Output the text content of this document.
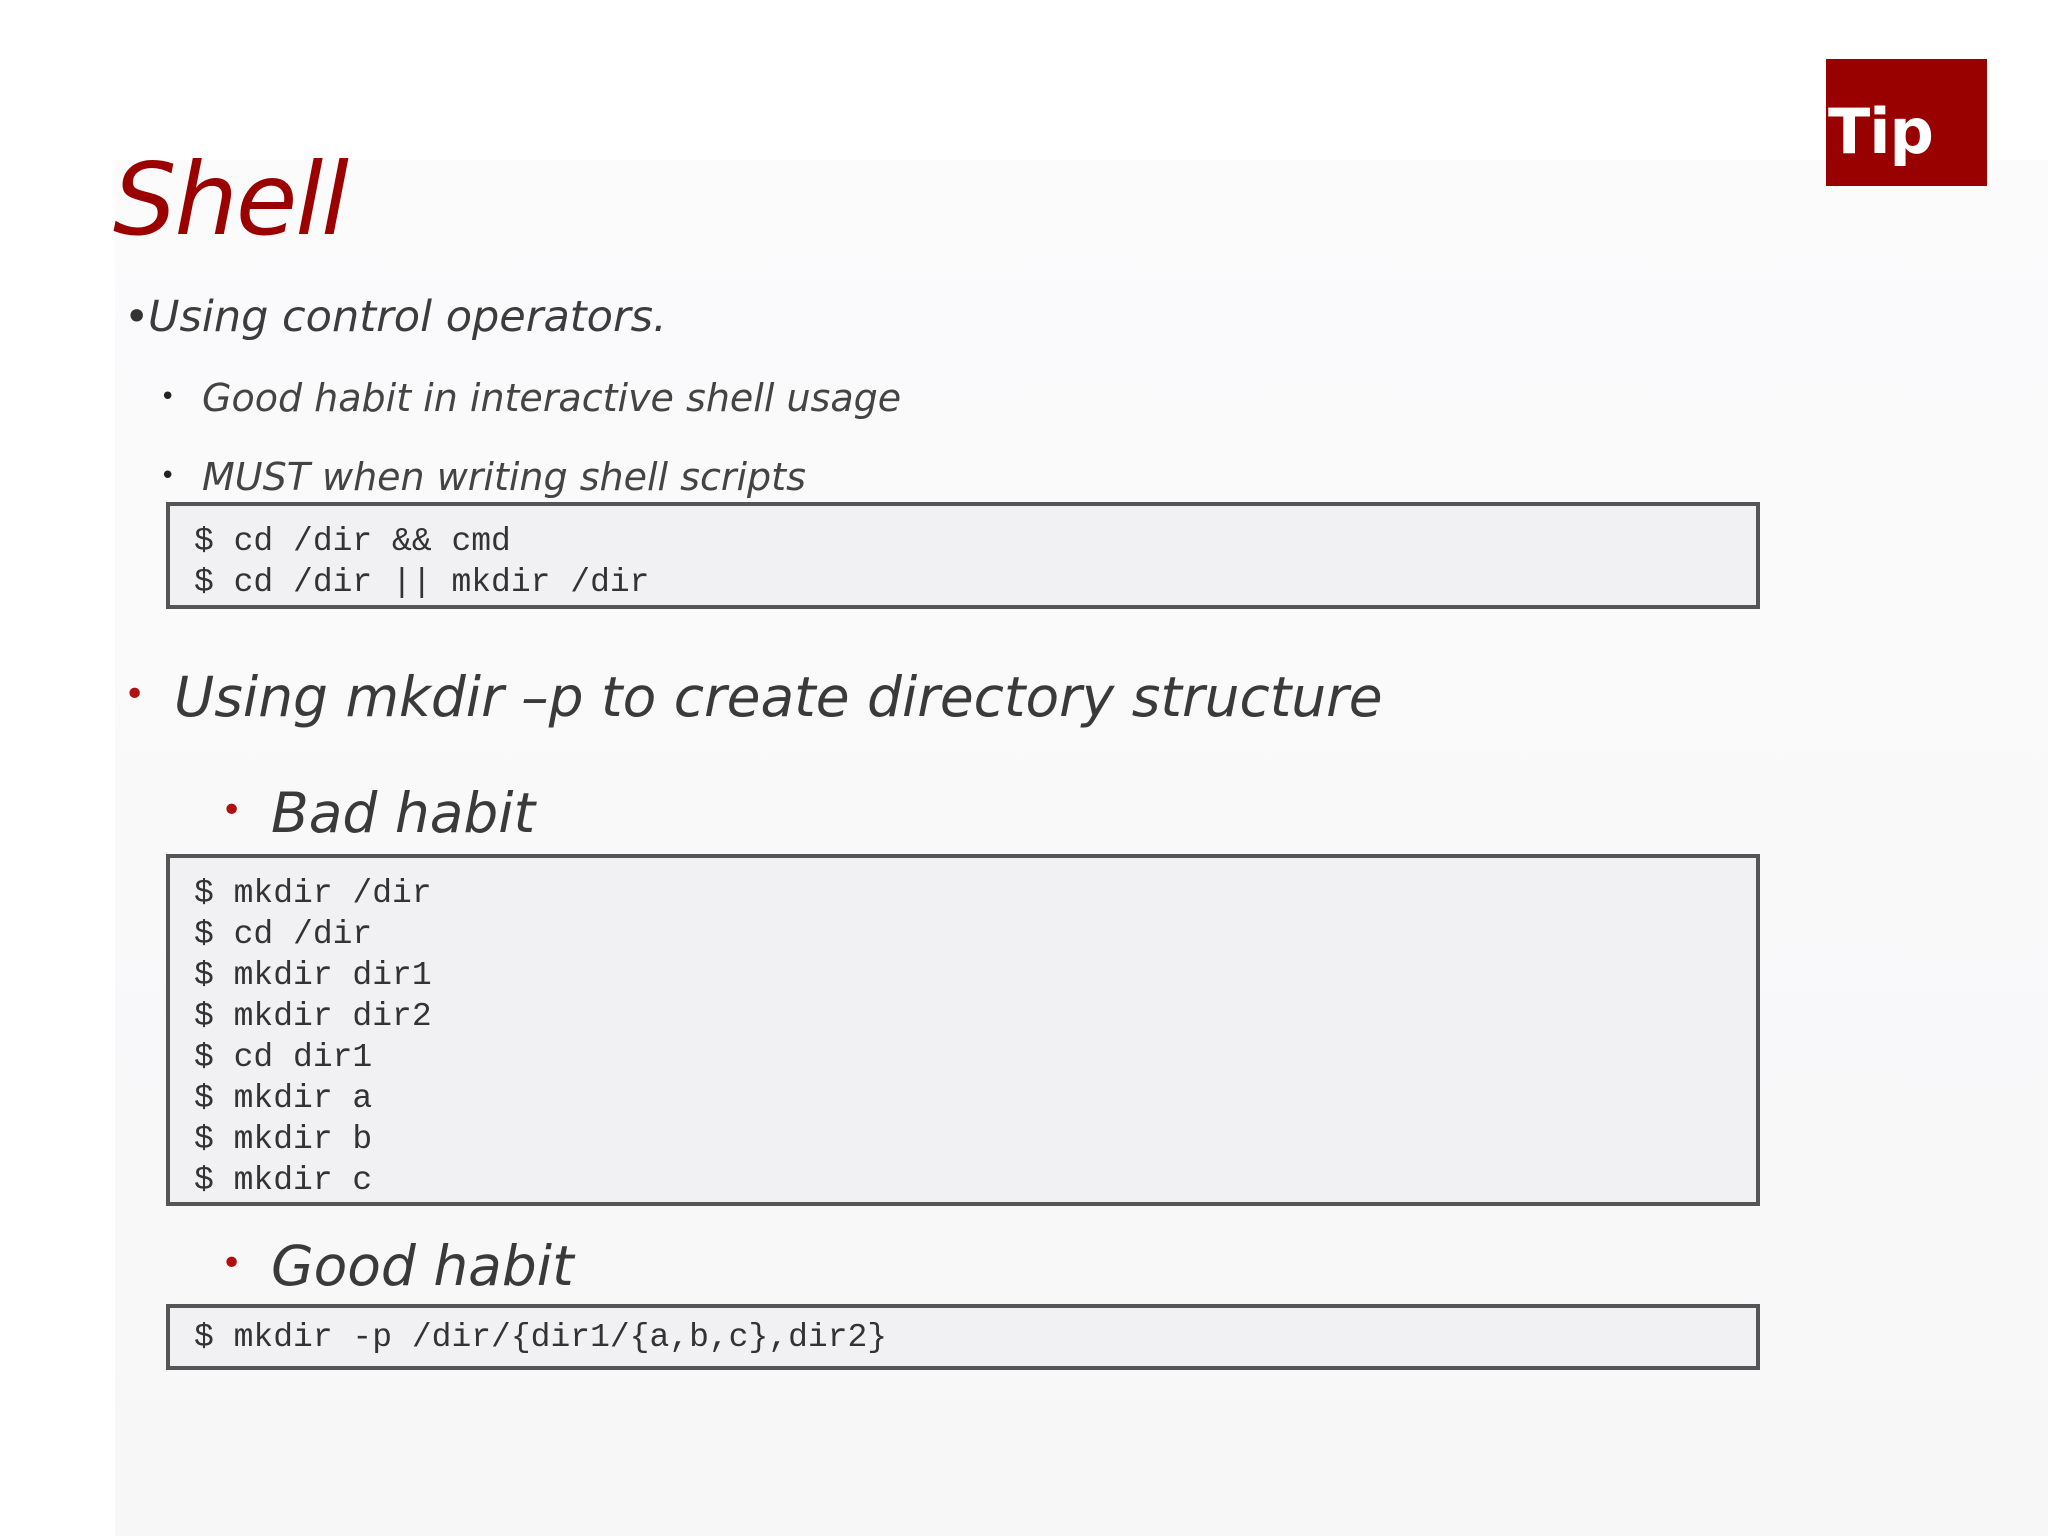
Tip
Shell
•Using control operators.
• Good habit in interactive shell usage
• MUST when writing shell scripts
$ cd /dir && cmd
$ cd /dir || mkdir /dir
• Using mkdir –p to create directory structure
• Bad habit
$ mkdir /dir
$ cd /dir
$ mkdir dir1
$ mkdir dir2
$ cd dir1
$ mkdir a
$ mkdir b
$ mkdir c
• Good habit
$ mkdir -p /dir/{dir1/{a,b,c},dir2}
